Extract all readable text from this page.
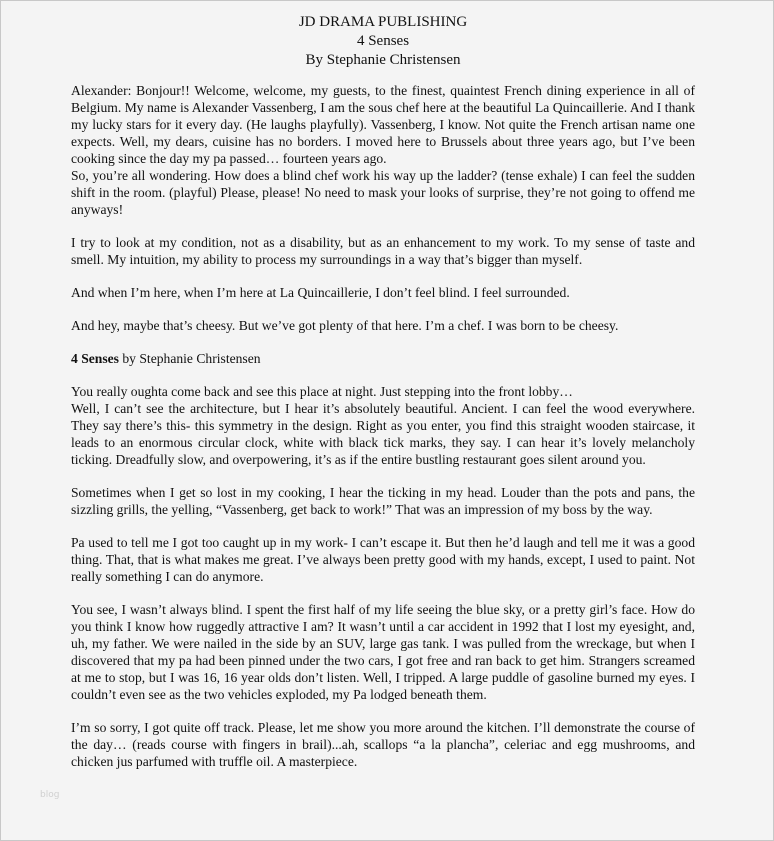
JD DRAMA PUBLISHING
4 Senses
By Stephanie Christensen

Alexander: Bonjour!! Welcome, welcome, my guests, to the finest, quaintest French dining experience in all of Belgium. My name is Alexander Vassenberg, I am the sous chef here at the beautiful La Quincaillerie. And I thank my lucky stars for it every day. (He laughs playfully). Vassenberg, I know. Not quite the French artisan name one expects. Well, my dears, cuisine has no borders. I moved here to Brussels about three years ago, but I’ve been cooking since the day my pa passed… fourteen years ago.

So, you’re all wondering. How does a blind chef work his way up the ladder? (tense exhale) I can feel the sudden shift in the room. (playful) Please, please! No need to mask your looks of surprise, they’re not going to offend me anyways!

I try to look at my condition, not as a disability, but as an enhancement to my work. To my sense of taste and smell. My intuition, my ability to process my surroundings in a way that’s bigger than myself.

And when I’m here, when I’m here at La Quincaillerie, I don’t feel blind. I feel surrounded.

And hey, maybe that’s cheesy. But we’ve got plenty of that here. I’m a chef. I was born to be cheesy.

4 Senses by Stephanie Christensen

You really oughta come back and see this place at night. Just stepping into the front lobby…

Well, I can’t see the architecture, but I hear it’s absolutely beautiful. Ancient. I can feel the wood everywhere. They say there’s this- this symmetry in the design. Right as you enter, you find this straight wooden staircase, it leads to an enormous circular clock, white with black tick marks, they say. I can hear it’s lovely melancholy ticking. Dreadfully slow, and overpowering, it’s as if the entire bustling restaurant goes silent around you.

Sometimes when I get so lost in my cooking, I hear the ticking in my head. Louder than the pots and pans, the sizzling grills, the yelling, “Vassenberg, get back to work!” That was an impression of my boss by the way.

Pa used to tell me I got too caught up in my work- I can’t escape it. But then he’d laugh and tell me it was a good thing. That, that is what makes me great. I’ve always been pretty good with my hands, except, I used to paint. Not really something I can do anymore.

You see, I wasn’t always blind. I spent the first half of my life seeing the blue sky, or a pretty girl’s face. How do you think I know how ruggedly attractive I am? It wasn’t until a car accident in 1992 that I lost my eyesight, and, uh, my father. We were nailed in the side by an SUV, large gas tank. I was pulled from the wreckage, but when I discovered that my pa had been pinned under the two cars, I got free and ran back to get him. Strangers screamed at me to stop, but I was 16, 16 year olds don’t listen. Well, I tripped. A large puddle of gasoline burned my eyes. I couldn’t even see as the two vehicles exploded, my Pa lodged beneath them.

I’m so sorry, I got quite off track. Please, let me show you more around the kitchen. I’ll demonstrate the course of the day… (reads course with fingers in brail)...ah, scallops “a la plancha”, celeriac and egg mushrooms, and chicken jus parfumed with truffle oil. A masterpiece.

blog
